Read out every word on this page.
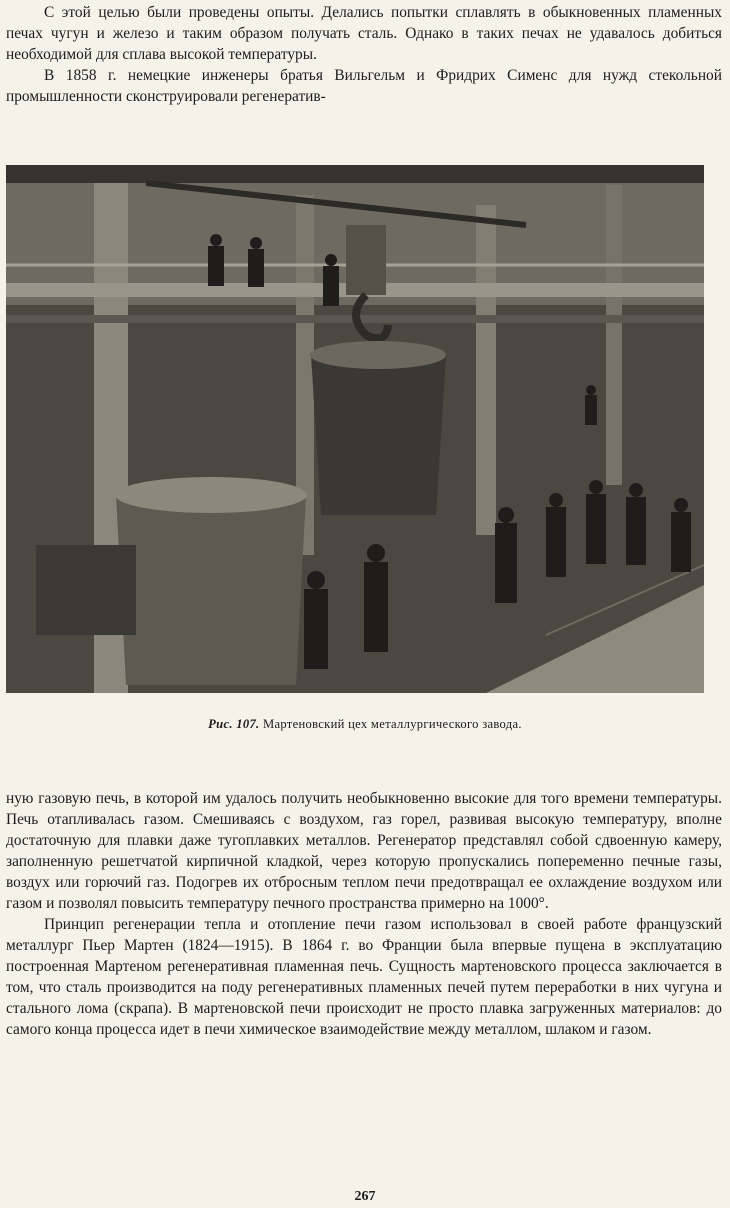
С этой целью были проведены опыты. Делались попытки сплавлять в обыкновенных пламенных печах чугун и железо и таким образом получать сталь. Однако в таких печах не удавалось добиться необходимой для сплава высокой температуры.

В 1858 г. немецкие инженеры братья Вильгельм и Фридрих Сименс для нужд стекольной промышленности сконструировали регенератив-

Рис. 107. Мартеновский цех металлургического завода.

ную газовую печь, в которой им удалось получить необыкновенно высокие для того времени температуры. Печь отапливалась газом. Смешиваясь с воздухом, газ горел, развивая высокую температуру, вполне достаточную для плавки даже тугоплавких металлов. Регенератор представлял собой сдвоенную камеру, заполненную решетчатой кирпичной кладкой, через которую пропускались попеременно печные газы, воздух или горючий газ. Подогрев их отбросным теплом печи предотвращал ее охлаждение воздухом или газом и позволял повысить температуру печного пространства примерно на 1000°.

Принцип регенерации тепла и отопление печи газом использовал в своей работе французский металлург Пьер Мартен (1824—1915). В 1864 г. во Франции была впервые пущена в эксплуатацию построенная Мартеном регенеративная пламенная печь. Сущность мартеновского процесса заключается в том, что сталь производится на поду регенеративных пламенных печей путем переработки в них чугуна и стального лома (скрапа). В мартеновской печи происходит не просто плавка загруженных материалов: до самого конца процесса идет в печи химическое взаимодействие между металлом, шлаком и газом.

267
